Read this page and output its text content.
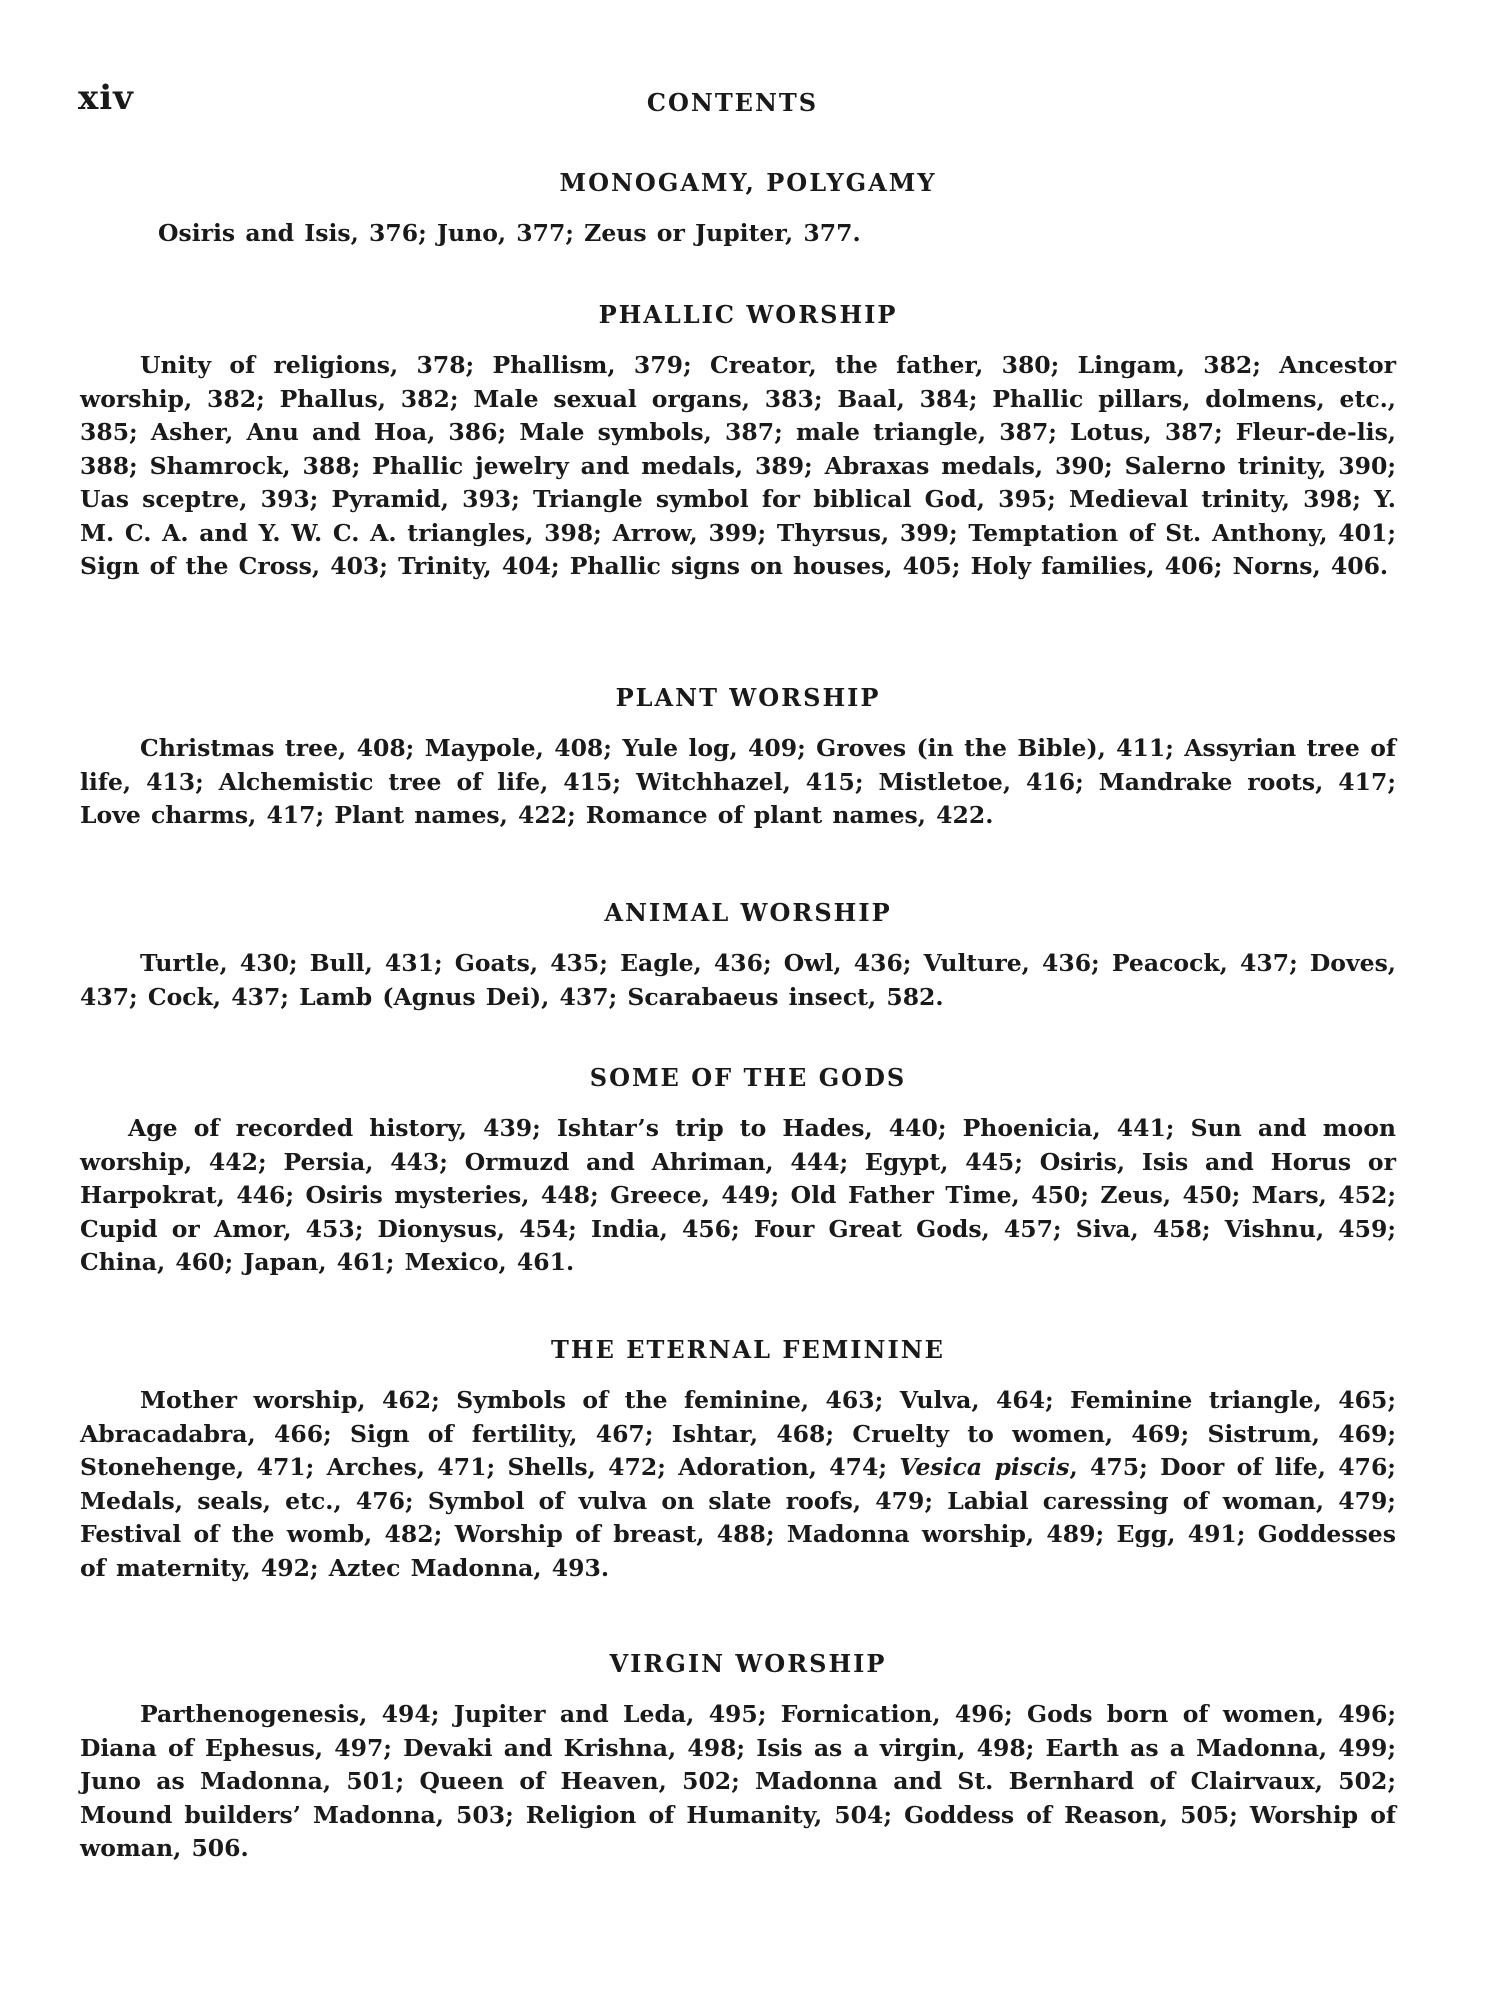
xiv	CONTENTS
MONOGAMY, POLYGAMY

Osiris and Isis, 376; Juno, 377; Zeus or Jupiter, 377.

PHALLIC WORSHIP

Unity of religions, 378; Phallism, 379; Creator, the father, 380; Lingam, 382; Ancestor worship, 382; Phallus, 382; Male sexual organs, 383; Baal, 384; Phallic pillars, dolmens, etc., 385; Asher, Anu and Hoa, 386; Male symbols, 387; male triangle, 387; Lotus, 387; Fleur-de-lis, 388; Shamrock, 388; Phallic jewelry and medals, 389; Abraxas medals, 390; Salerno trinity, 390; Uas sceptre, 393; Pyramid, 393; Triangle symbol for biblical God, 395; Medieval trinity, 398; Y. M. C. A. and Y. W. C. A. triangles, 398; Arrow, 399; Thyrsus, 399; Temptation of St. Anthony, 401; Sign of the Cross, 403; Trinity, 404; Phallic signs on houses, 405; Holy families, 406; Norns, 406.

PLANT WORSHIP

Christmas tree, 408; Maypole, 408; Yule log, 409; Groves (in the Bible), 411; Assyrian tree of life, 413; Alchemistic tree of life, 415; Witchhazel, 415; Mistletoe, 416; Mandrake roots, 417; Love charms, 417; Plant names, 422; Romance of plant names, 422.

ANIMAL WORSHIP

Turtle, 430; Bull, 431; Goats, 435; Eagle, 436; Owl, 436; Vulture, 436; Peacock, 437; Doves, 437; Cock, 437; Lamb (Agnus Dei), 437; Scarabaeus insect, 582.

SOME OF THE GODS

Age of recorded history, 439; Ishtar’s trip to Hades, 440; Phoenicia, 441; Sun and moon worship, 442; Persia, 443; Ormuzd and Ahriman, 444; Egypt, 445; Osiris, Isis and Horus or Harpokrat, 446; Osiris mysteries, 448; Greece, 449; Old Father Time, 450; Zeus, 450; Mars, 452; Cupid or Amor, 453; Dionysus, 454; India, 456; Four Great Gods, 457; Siva, 458; Vishnu, 459; China, 460; Japan, 461; Mexico, 461.

THE ETERNAL FEMININE

Mother worship, 462; Symbols of the feminine, 463; Vulva, 464; Feminine triangle, 465; Abracadabra, 466; Sign of fertility, 467; Ishtar, 468; Cruelty to women, 469; Sistrum, 469; Stonehenge, 471; Arches, 471; Shells, 472; Adoration, 474; Vesica piscis, 475; Door of life, 476; Medals, seals, etc., 476; Symbol of vulva on slate roofs, 479; Labial caressing of woman, 479; Festival of the womb, 482; Worship of breast, 488; Madonna worship, 489; Egg, 491; Goddesses of maternity, 492; Aztec Madonna, 493.

VIRGIN WORSHIP

Parthenogenesis, 494; Jupiter and Leda, 495; Fornication, 496; Gods born of women, 496; Diana of Ephesus, 497; Devaki and Krishna, 498; Isis as a virgin, 498; Earth as a Madonna, 499; Juno as Madonna, 501; Queen of Heaven, 502; Madonna and St. Bernhard of Clairvaux, 502; Mound builders’ Madonna, 503; Religion of Humanity, 504; Goddess of Reason, 505; Worship of woman, 506.
